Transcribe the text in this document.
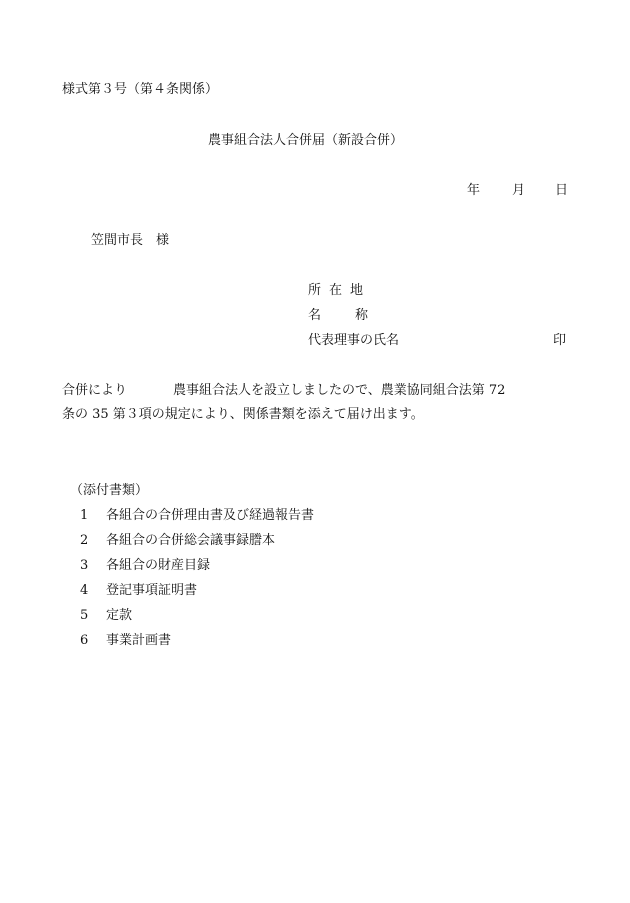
様式第３号（第４条関係）
農事組合法人合併届（新設合併）
年 月 日
笠間市長　様
所在地
名称
代表理事の氏名	印
合併により	農事組合法人を設立しましたので、農業協同組合法第 72
条の 35 第３項の規定により、関係書類を添えて届け出ます。
（添付書類）
1 各組合の合併理由書及び経過報告書
2 各組合の合併総会議事録謄本
3 各組合の財産目録
4 登記事項証明書
5 定款
6 事業計画書
